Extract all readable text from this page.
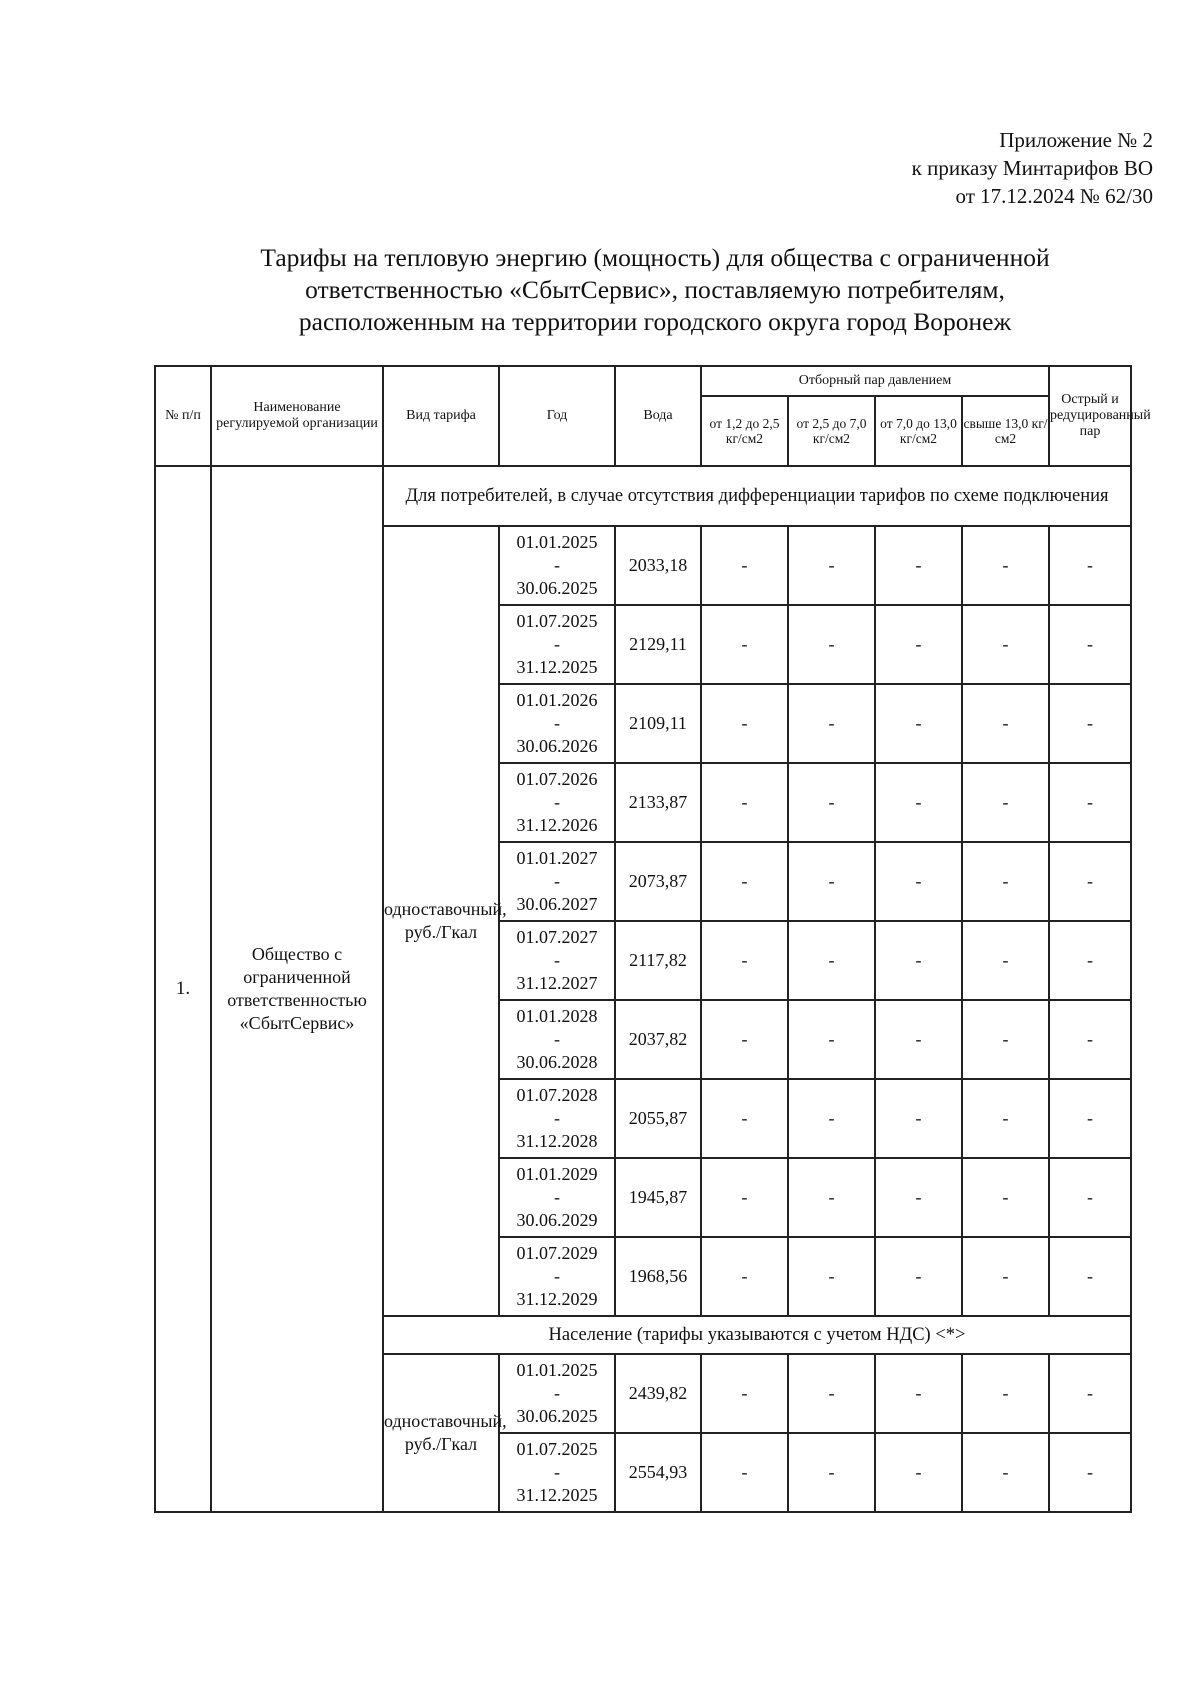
Приложение № 2
к приказу Минтарифов ВО
от 17.12.2024 № 62/30
Тарифы на тепловую энергию (мощность) для общества с ограниченной
ответственностью «СбытСервис», поставляемую потребителям,
расположенным на территории городского округа город Воронеж
№ п/п	Наименование регулируемой организации	Вид тарифа	Год	Вода	Отборный пар давлением				Острый и редуцированный пар
					от 1,2 до 2,5 кг/см2	от 2,5 до 7,0 кг/см2	от 7,0 до 13,0 кг/см2	свыше 13,0 кг/см2	
1.	Общество с ограниченной ответственностью «СбытСервис»	Для потребителей, в случае отсутствия дифференциации тарифов по схеме подключения							
		одноставочный, руб./Гкал	01.01.2025
-
30.06.2025	2033,18	-	-	-	-	-

			01.07.2025
-
31.12.2025	2129,11	-	-	-	-	-

			01.01.2026
-
30.06.2026	2109,11	-	-	-	-	-

			01.07.2026
-
31.12.2026	2133,87	-	-	-	-	-

			01.01.2027
-
30.06.2027	2073,87	-	-	-	-	-

			01.07.2027
-
31.12.2027	2117,82	-	-	-	-	-

			01.01.2028
-
30.06.2028	2037,82	-	-	-	-	-

			01.07.2028
-
31.12.2028	2055,87	-	-	-	-	-

			01.01.2029
-
30.06.2029	1945,87	-	-	-	-	-

			01.07.2029
-
31.12.2029	1968,56	-	-	-	-	-
		Население (тарифы указываются с учетом НДС) <*>							
		одноставочный, руб./Гкал	01.01.2025
-
30.06.2025	2439,82	-	-	-	-	-

			01.07.2025
-
31.12.2025	2554,93	-	-	-	-	-
